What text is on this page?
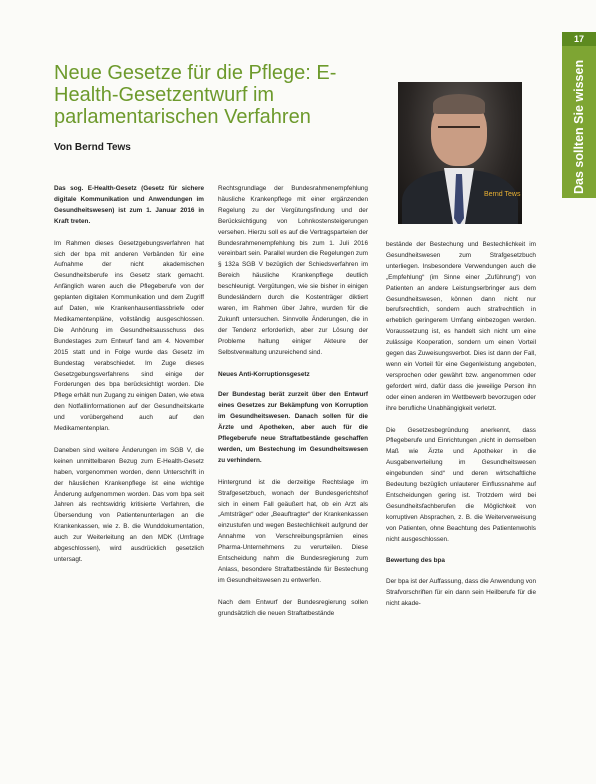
17
Das sollten Sie wissen
Neue Gesetze für die Pflege: E-Health-Gesetzentwurf im parlamentarischen Verfahren
Von Bernd Tews
Bernd Tews
Das sog. E-Health-Gesetz (Gesetz für sichere digitale Kommunikation und Anwendungen im Gesundheitswesen) ist zum 1. Januar 2016 in Kraft treten.
Im Rahmen dieses Gesetzgebungsverfahren hat sich der bpa mit anderen Verbänden für eine Aufnahme der nicht akademischen Gesundheitsberufe ins Gesetz stark gemacht. Anfänglich waren auch die Pflegeberufe von der geplanten digitalen Kommunikation und dem Zugriff auf Daten, wie Krankenhausentlassbriefe oder Medikamentenpläne, vollständig ausgeschlossen. Die Anhörung im Gesundheitsausschuss des Bundestages zum Entwurf fand am 4. November 2015 statt und in Folge wurde das Gesetz im Bundestag verabschiedet. Im Zuge dieses Gesetzgebungsverfahrens sind einige der Forderungen des bpa berücksichtigt worden. Die Pflege erhält nun Zugang zu einigen Daten, wie etwa den Notfallinformationen auf der Gesundheitskarte und vorübergehend auch auf den Medikamentenplan.
Daneben sind weitere Änderungen im SGB V, die keinen unmittelbaren Bezug zum E-Health-Gesetz haben, vorgenommen worden, denn Unterschrift in der häuslichen Krankenpflege ist eine wichtige Änderung aufgenommen worden. Das vom bpa seit Jahren als rechtswidrig kritisierte Verfahren, die Übersendung von Patientenunterlagen an die Krankenkassen, wie z. B. die Wunddokumentation, auch zur Weiterleitung an den MDK (Umfrage abgeschlossen), wird ausdrücklich gesetzlich untersagt.
Rechtsgrundlage der Bundesrahmenempfehlung häusliche Krankenpflege mit einer ergänzenden Regelung zu der Vergütungsfindung und der Berücksichtigung von Lohnkostensteigerungen versehen. Hierzu soll es auf die Vertragsparteien der Bundesrahmenempfehlung bis zum 1. Juli 2016 vereinbart sein. Parallel wurden die Regelungen zum § 132a SGB V bezüglich der Schiedsverfahren im Bereich häusliche Krankenpflege deutlich beschleunigt. Vergütungen, wie sie bisher in einigen Bundesländern durch die Kostenträger diktiert waren, im Rahmen über Jahre, wurden für die Zukunft untersuchen. Sinnvolle Änderungen, die in der Tendenz erforderlich, aber zur Lösung der Probleme haltung einiger Akteure der Selbstverwaltung unzureichend sind.
Neues Anti-Korruptionsgesetz
Der Bundestag berät zurzeit über den Entwurf eines Gesetzes zur Bekämpfung von Korruption im Gesundheitswesen. Danach sollen für die Ärzte und Apotheken, aber auch für die Pflegeberufe neue Straftatbestände geschaffen werden, um Bestechung im Gesundheitswesen zu verhindern.
Hintergrund ist die derzeitige Rechtslage im Strafgesetzbuch, wonach der Bundesgerichtshof sich in einem Fall geäußert hat, ob ein Arzt als „Amtsträger“ oder „Beauftragter“ der Krankenkassen einzustufen und wegen Bestechlichkeit aufgrund der Annahme von Verschreibungsprämien eines Pharma-Unternehmens zu verurteilen. Diese Entscheidung nahm die Bundesregierung zum Anlass, besondere Straftatbestände für Bestechung im Gesundheitswesen zu entwerfen.
Nach dem Entwurf der Bundesregierung sollen grundsätzlich die neuen Straftatbestände
bestände der Bestechung und Bestechlichkeit im Gesundheitswesen zum Strafgesetzbuch unterliegen. Insbesondere Verwendungen auch die „Empfehlung“ (im Sinne einer „Zuführung“) von Patienten an andere Leistungserbringer aus dem Gesundheitswesen, können dann nicht nur berufsrechtlich, sondern auch strafrechtlich in erheblich geringerem Umfang einbezogen werden. Voraussetzung ist, es handelt sich nicht um eine zulässige Kooperation, sondern um einen Vorteil gegen das Zuweisungsverbot. Dies ist dann der Fall, wenn ein Vorteil für eine Gegenleistung angeboten, versprochen oder gewährt bzw. angenommen oder gefordert wird, dafür dass die jeweilige Person ihn oder einen anderen im Wettbewerb bevorzugen oder ihre berufliche Unabhängigkeit verletzt.
Die Gesetzesbegründung anerkennt, dass Pflegeberufe und Einrichtungen „nicht in demselben Maß wie Ärzte und Apotheker in die Ausgabenverteilung im Gesundheitswesen eingebunden sind“ und deren wirtschaftliche Bedeutung bezüglich unlauterer Einflussnahme auf Entscheidungen gering ist. Trotzdem wird bei Gesundheitsfachberufen die Möglichkeit von korruptiven Absprachen, z. B. die Weiterverweisung von Patienten, ohne Beachtung des Patientenwohls nicht ausgeschlossen.
Bewertung des bpa
Der bpa ist der Auffassung, dass die Anwendung von Strafvorschriften für ein dann sein Heilberufe für die nicht akade-
